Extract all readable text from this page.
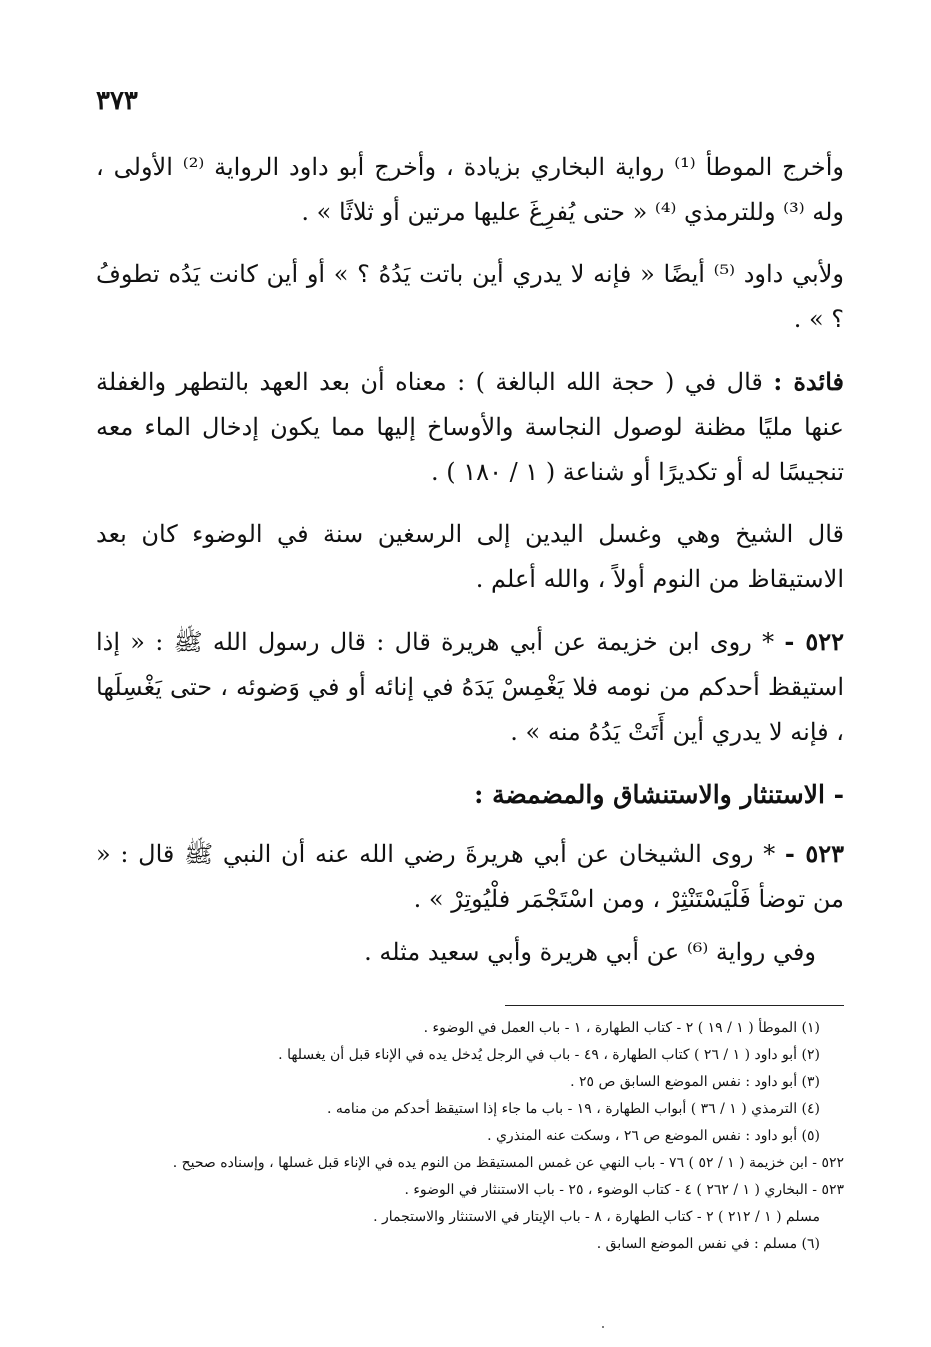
٣٧٣

وأخرج الموطأ ⁽¹⁾ رواية البخاري بزيادة ، وأخرج أبو داود الرواية ⁽²⁾ الأولى ، وله ⁽³⁾ وللترمذي ⁽⁴⁾ « حتى يُفرِغَ عليها مرتين أو ثلاثًا » .

ولأبي داود ⁽⁵⁾ أيضًا « فإنه لا يدري أين باتت يَدُهُ ؟ » أو أين كانت يَدُه تطوفُ ؟ » .

فائدة : قال في ( حجة الله البالغة ) : معناه أن بعد العهد بالتطهر والغفلة عنها مليًا مظنة لوصول النجاسة والأوساخ إليها مما يكون إدخال الماء معه تنجيسًا له أو تكديرًا أو شناعة ( ١ / ١٨٠ ) .

قال الشيخ وهي وغسل اليدين إلى الرسغين سنة في الوضوء كان بعد الاستيقاظ من النوم أولاً ، والله أعلم .

٥٢٢ - * روى ابن خزيمة عن أبي هريرة قال : قال رسول الله ﷺ : « إذا استيقظ أحدكم من نومه فلا يَغْمِسْ يَدَهُ في إنائه أو في وَضوئه ، حتى يَغْسِلَها ، فإنه لا يدري أين أَتَتْ يَدُهُ منه » .

- الاستنثار والاستنشاق والمضمضة :

٥٢٣ - * روى الشيخان عن أبي هريرةَ رضي الله عنه أن النبي ﷺ قال : « من توضأ فَلْيَسْتَنْثِرْ ، ومن اسْتَجْمَر فلْيُوتِرْ » .

وفي رواية ⁽⁶⁾ عن أبي هريرة وأبي سعيد مثله .

(١) الموطأ ( ١ / ١٩ ) ٢ - كتاب الطهارة ، ١ - باب العمل في الوضوء .

(٢) أبو داود ( ١ / ٢٦ ) كتاب الطهارة ، ٤٩ - باب في الرجل يُدخل يده في الإناء قبل أن يغسلها .

(٣) أبو داود : نفس الموضع السابق ص ٢٥ .

(٤) الترمذي ( ١ / ٣٦ ) أبواب الطهارة ، ١٩ - باب ما جاء إذا استيقظ أحدكم من منامه .

(٥) أبو داود : نفس الموضع ص ٢٦ ، وسكت عنه المنذري .

٥٢٢ - ابن خزيمة ( ١ / ٥٢ ) ٧٦ - باب النهي عن غمس المستيقظ من النوم يده في الإناء قبل غسلها ، وإسناده صحيح .

٥٢٣ - البخاري ( ١ / ٢٦٢ ) ٤ - كتاب الوضوء ، ٢٥ - باب الاستنثار في الوضوء .

مسلم ( ١ / ٢١٢ ) ٢ - كتاب الطهارة ، ٨ - باب الإيتار في الاستنثار والاستجمار .

(٦) مسلم : في نفس الموضع السابق .
